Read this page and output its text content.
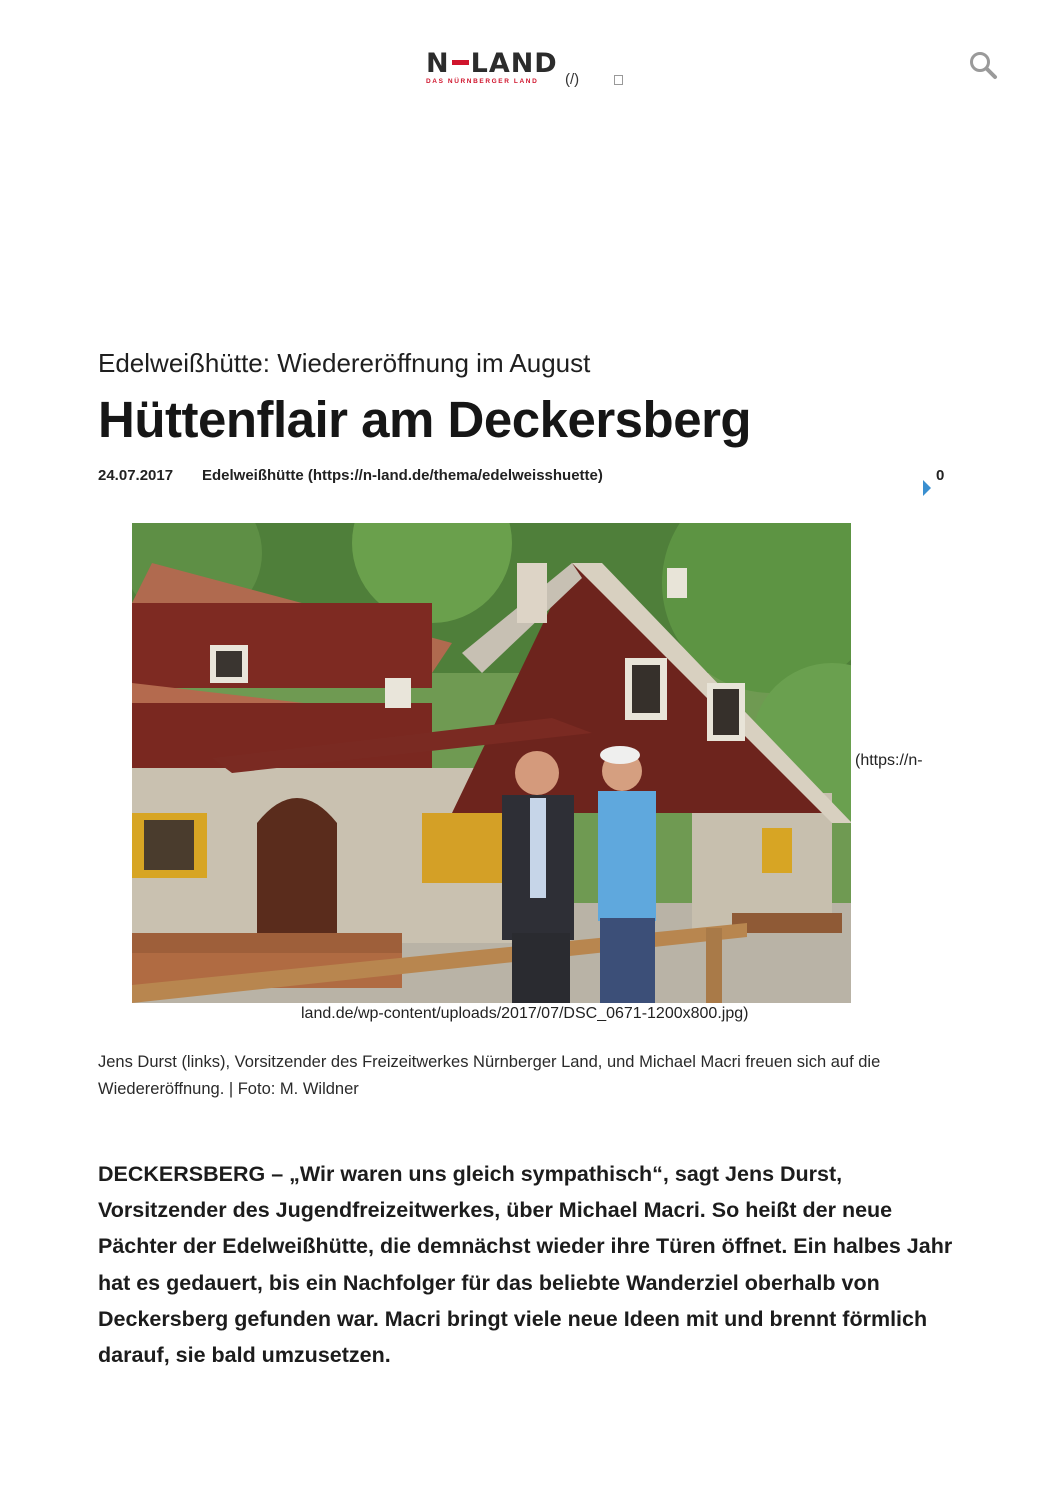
N LAND
DAS NÜRNBERGER LAND	(/)
Edelweißhütte: Wiedereröffnung im August
Hüttenflair am Deckersberg
24.07.2017 Edelweißhütte (https://n-land.de/thema/edelweisshuette)	0
(https://n-
land.de/wp-content/uploads/2017/07/DSC_0671-1200x800.jpg)

Jens Durst (links), Vorsitzender des Freizeitwerkes Nürnberger Land, und Michael Macri freuen sich auf die Wiedereröffnung. | Foto: M. Wildner

DECKERSBERG – „Wir waren uns gleich sympathisch“, sagt Jens Durst, Vorsitzender des Jugendfreizeitwerkes, über Michael Macri. So heißt der neue Pächter der Edelweißhütte, die demnächst wieder ihre Türen öffnet. Ein halbes Jahr hat es gedauert, bis ein Nachfolger für das beliebte Wanderziel oberhalb von Deckersberg gefunden war. Macri bringt viele neue Ideen mit und brennt förmlich darauf, sie bald umzusetzen.
